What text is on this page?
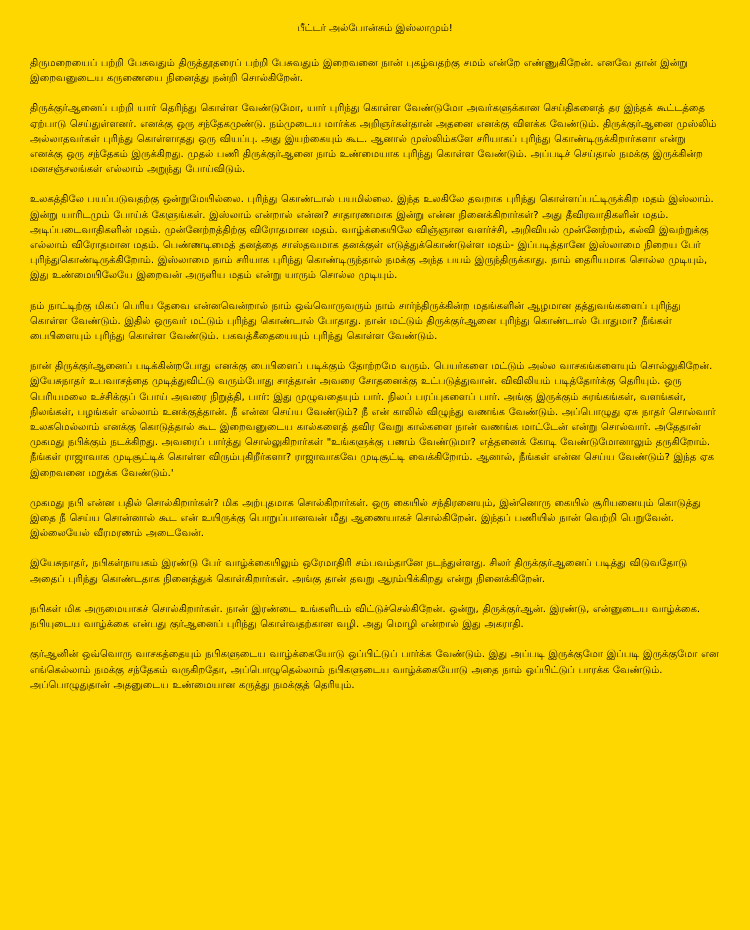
பீட்டர் அல்போன்சும் இஸ்லாமும்!

திருமறையைப் பற்றி பேசுவதும் திருத்தூதரைப் பற்றி பேசுவதும் இறைவனை நான் புகழ்வதற்கு சமம் என்றே எண்ணுகிறேன். எனவே தான் இன்று இறைவனுடைய கருணையை நினைத்து நன்றி சொல்கிறேன்.

திருக்குர்ஆனைப் பற்றி யார் தெரிந்து கொள்ள வேண்டுமோ, யார் புரிந்து கொள்ள வேண்டுமோ அவர்களுக்கான செய்திகளைத் தர இந்தக் கூட்டத்தை ஏற்பாடு செய்துள்ளனர். எனக்கு ஒரு சந்தேகமுண்டு. நம்முடைய மார்க்க அறிஞர்கள்தான் அதனை எனக்கு விளக்க வேண்டும். திருக்குர்ஆனை முஸ்லிம் அல்லாதவர்கள் புரிந்து கொள்ளாதது ஒரு வியப்பு. அது இயற்கையும் கூட. ஆனால் முஸ்லிம்களே சரியாகப் புரிந்து கொண்டிருக்கிறார்களா என்று எனக்கு ஒரு சந்தேகம் இருக்கிறது. முதல் பணி திருக்குர்ஆனை நாம் உண்மையாக புரிந்து கொள்ள வேண்டும். அப்படிச் செய்தால் நமக்கு இருக்கின்ற மனசஞ்சலங்கள் எல்லாம் அறுந்து போய்விடும்.

உலகத்திலே பயப்படுவதற்கு ஒன்றுமேயில்லை. புரிந்து கொண்டால் பயமில்லை. இந்த உலகிலே தவறாக புரிந்து கொள்ளப்பட்டிருக்கிற மதம் இஸ்லாம். இன்று யாரிடமும் போய்க் கேளுங்கள். இஸ்லாம் என்றால் என்ன? சாதாரணமாக இன்று என்ன நினைக்கிறார்கள்? அது தீவிரவாதிகளின் மதம். அடிப்படைவாதிகளின் மதம். முன்னேற்றத்திற்கு விரோதமான மதம். வாழ்க்கையிலே விஞ்ஞான வளர்ச்சி, அறிவியல் முன்னேற்றம், கல்வி இவற்றுக்கு எல்லாம் விரோதமான மதம். பெண்ணடிமைத் தனத்தை சாஸ்தவமாக தனக்குள் எடுத்துக்கொண்டுள்ள மதம்- இப்படித்தானே இஸ்லாமை நிறைய பேர் புரிந்துகொண்டிருக்கிறோம். இஸ்லாமை நாம் சரியாக புரிந்து கொண்டிருந்தால் நமக்கு அந்த பயம் இருந்திருக்காது. நாம் தைரியமாக சொல்ல முடியும், இது உண்மையிலேயே இறைவன் அருளிய மதம் என்று யாரும் சொல்ல முடியும்.

நம் நாட்டிற்கு மிகப் பெரிய தேவை என்னவென்றால் நாம் ஒவ்வொருவரும் நாம் சார்ந்திருக்கின்ற மதங்களின் ஆழமான தத்துவங்களைப் புரிந்து கொள்ள வேண்டும். இதில் ஒருவர் மட்டும் புரிந்து கொண்டால் போதாது. நான் மட்டும் திருக்குர்ஆனை புரிந்து கொண்டால் போதுமா? நீங்கள் பைபிளையும் புரிந்து கொள்ள வேண்டும். பகவத்கீதையையும் புரிந்து கொள்ள வேண்டும்.

நான் திருக்குர்ஆனைப் படிக்கின்றபோது எனக்கு பைபிளைப் படிக்கும் தோற்றமே வரும். பெயர்களை மட்டும் அல்ல வாசகங்களையும் சொல்லுகிறேன். இயேசுநாதர் உபவாசத்தை முடித்துவிட்டு வரும்போது சாத்தான் அவரை சோதனைக்கு உட்படுத்துவான். விவிலியம் படித்தோர்க்கு தெரியும். ஒரு பெரியமலை உச்சிக்குப் போய் அவரை நிறுத்தி, பார்: இது முழுவதையும் பார். நிலப் பரப்புகளைப் பார். அங்கு இருக்கும் சுரங்கங்கள், வளங்கள், நிலங்கள், பழங்கள் எல்லாம் உனக்குத்தான். நீ என்ன செய்ய வேண்டும்? நீ என் காலில் விழுந்து வணங்க வேண்டும். அப்பொழுது ஏசு நாதர் சொல்வார் உலகமெல்லாம் எனக்கு கொடுத்தால் கூட இறைவனுடைய கால்களைத் தவிர வேறு கால்களை நான் வணங்க மாட்டேன் என்று சொல்வார். அதேதான் முகமது நபிக்கும் நடக்கிறது. அவரைப் பார்த்து சொல்லுகிறார்கள் "உங்களுக்கு பணம் வேண்டுமா? எத்தனைக் கோடி வேண்டுமோனாலும் தருகிறோம். நீங்கள் ராஜாவாக முடிசூட்டிக் கொள்ள விரும்புகிறீர்களா? ராஜாவாகவே முடிசூட்டி வைக்கிறோம். ஆனால், நீங்கள் என்ன செய்ய வேண்டும்? இந்த ஏக இறைவனை மறுக்க வேண்டும்.'

முகமது நபி என்ன பதில் சொல்கிறார்கள்? மிக அற்புதமாக சொல்கிறார்கள். ஒரு கையில் சந்திரனையும், இன்னொரு கையில் சூரியனையும் கொடுத்து இதை நீ செய்ய சொன்னால் கூட என் உயிருக்கு பொறுப்பானவன் மீது ஆணையாகச் சொல்கிறேன். இந்தப் பணியில் நான் வெற்றி பெறுவேன். இல்லையேல் வீரமரணம் அடைவேன்.

இயேசுநாதர், நபிகள்நாயகம் இரண்டு பேர் வாழ்க்கையிலும் ஒரேமாதிரி சம்பவம்தானே நடந்துள்ளது. சிலர் திருக்குர்ஆனைப் படித்து விடுவதோடு அதைப் புரிந்து கொண்டதாக நினைத்துக் கொள்கிறார்கள். அங்கு தான் தவறு ஆரம்பிக்கிறது என்று நினைக்கிறேன்.

நபிகள் மிக அருமையாகச் சொல்கிறார்கள். நான் இரண்டை உங்களிடம் விட்டுச்செல்கிறேன். ஒன்று, திருக்குர்ஆன். இரண்டு, என்னுடைய வாழ்க்கை. நபியுடைய வாழ்க்கை என்பது குர்ஆனைப் புரிந்து கொள்வதற்கான வழி. அது மொழி என்றால் இது அகராதி.

குர்ஆனின் ஒவ்வொரு வாசகத்தையும் நபிகளுடைய வாழ்க்கையோடு ஒப்பிட்டுப் பார்க்க வேண்டும். இது அப்படி இருக்குமோ இப்படி இருக்குமோ என எங்கெல்லாம் நமக்கு சந்தேகம் வருகிறதோ, அப்பொழுதெல்லாம் நபிகளுடைய வாழ்க்கையோடு அதை நாம் ஒப்பிட்டுப் பாரக்க வேண்டும். அப்பொழுதுதான் அதனுடைய உண்மையான கருத்து நமக்குத் தெரியும்.
